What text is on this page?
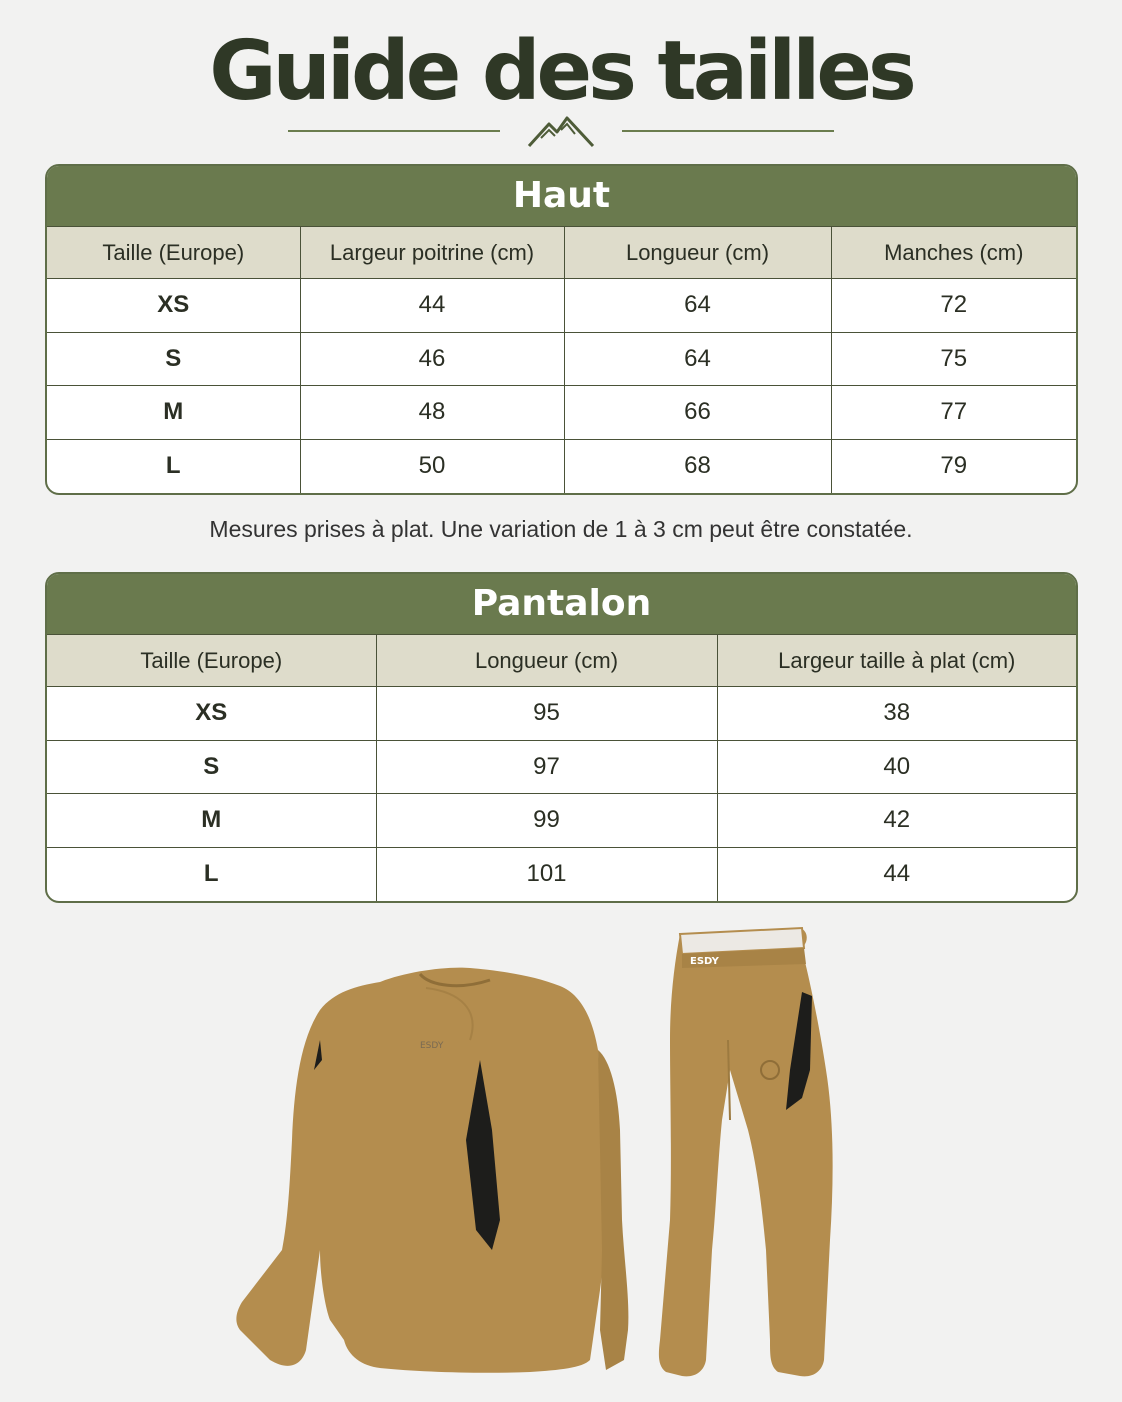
Guide des tailles
Haut
Taille (Europe)	Largeur poitrine (cm)	Longueur (cm)	Manches (cm)
XS	44	64	72
S	46	64	75
M	48	66	77
L	50	68	79
Mesures prises à plat. Une variation de 1 à 3 cm peut être constatée.
Pantalon
Taille (Europe)	Longueur (cm)	Largeur taille à plat (cm)
XS	95	38
S	97	40
M	99	42
L	101	44
ESDY
ESDY
